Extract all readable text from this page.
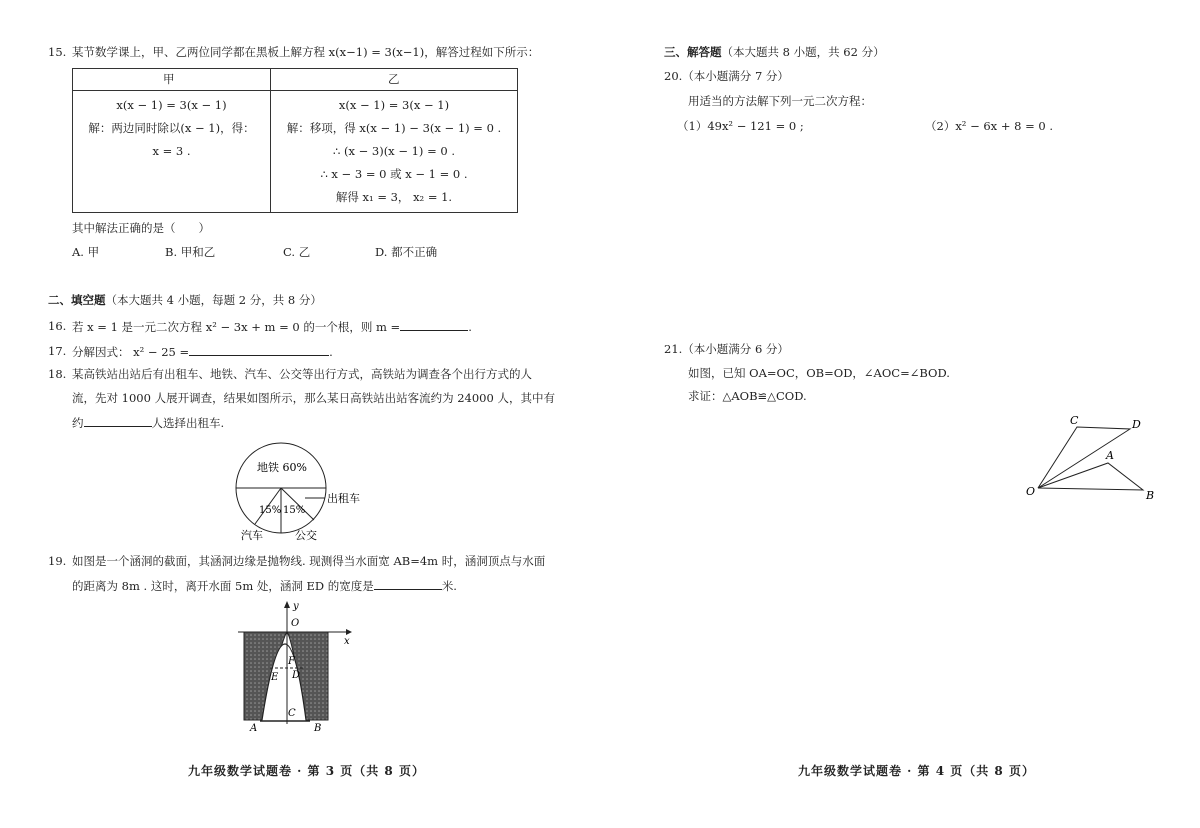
15. 某节数学课上，甲、乙两位同学都在黑板上解方程 x(x−1) = 3(x−1)，解答过程如下所示：
甲	乙
x(x − 1) = 3(x − 1)
解：两边同时除以(x − 1)，得：
x = 3 .
x(x − 1) = 3(x − 1)
解：移项，得 x(x − 1) − 3(x − 1) = 0 .
∴ (x − 3)(x − 1) = 0 .
∴ x − 3 = 0 或 x − 1 = 0 .
解得 x₁ = 3， x₂ = 1.
其中解法正确的是（　　）
A. 甲	B. 甲和乙	C. 乙	D. 都不正确
二、填空题（本大题共 4 小题，每题 2 分，共 8 分）
16. 若 x = 1 是一元二次方程 x² − 3x + m = 0 的一个根，则 m =	.
17. 分解因式： x² − 25 =	.
18. 某高铁站出站后有出租车、地铁、汽车、公交等出行方式，高铁站为调查各个出行方式的人
流，先对 1000 人展开调查，结果如图所示，那么某日高铁站出站客流约为 24000 人，其中有
约	人选择出租车.
地铁 60%
15% 15%
出租车
汽车	公交
19. 如图是一个涵洞的截面，其涵洞边缘是抛物线. 现测得当水面宽 AB=4m 时，涵洞顶点与水面
的距离为 8m . 这时，离开水面 5m 处，涵洞 ED 的宽度是	米.
y
x
O
F
E D
C
A	B
九年级数学试题卷 · 第 3 页（共 8 页）
三、解答题（本大题共 8 小题，共 62 分）
20.（本小题满分 7 分）
用适当的方法解下列一元二次方程：
（1）49x² − 121 = 0 ;	（2）x² − 6x + 8 = 0 .
21.（本小题满分 6 分）
如图，已知 OA=OC，OB=OD，∠AOC=∠BOD.
求证：△AOB≌△COD.
C	D
A
O	B
九年级数学试题卷 · 第 4 页（共 8 页）
